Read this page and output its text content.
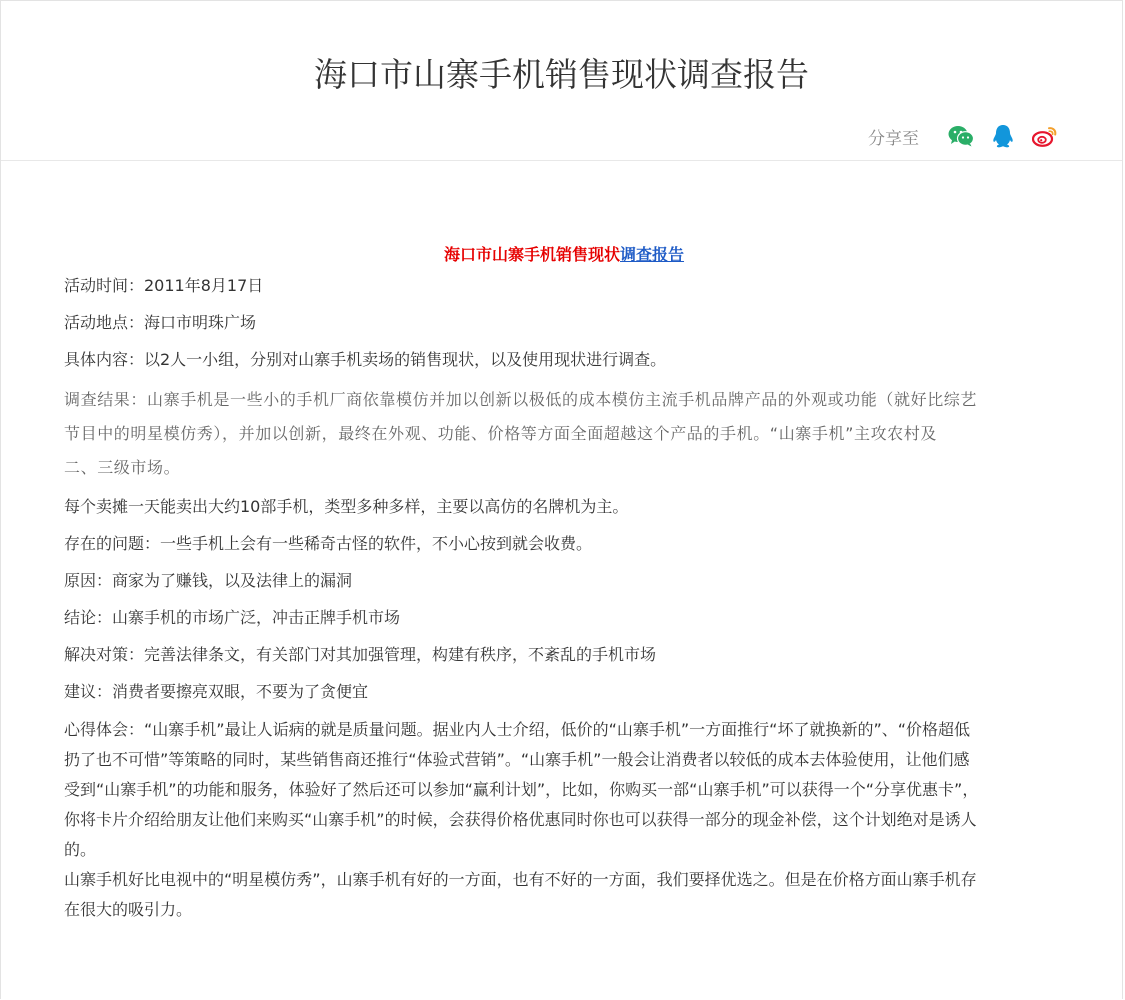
海口市山寨手机销售现状调查报告
分享至

海口市山寨手机销售现状调查报告

活动时间：2011年8月17日

活动地点：海口市明珠广场

具体内容：以2人一小组，分别对山寨手机卖场的销售现状，以及使用现状进行调查。

调查结果：山寨手机是一些小的手机厂商依靠模仿并加以创新以极低的成本模仿主流手机品牌产品的外观或功能（就好比综艺
节目中的明星模仿秀），并加以创新，最终在外观、功能、价格等方面全面超越这个产品的手机。“山寨手机”主攻农村及
二、三级市场。

每个卖摊一天能卖出大约10部手机，类型多种多样，主要以高仿的名牌机为主。

存在的问题：一些手机上会有一些稀奇古怪的软件，不小心按到就会收费。

原因：商家为了赚钱，以及法律上的漏洞

结论：山寨手机的市场广泛，冲击正牌手机市场

解决对策：完善法律条文，有关部门对其加强管理，构建有秩序，不紊乱的手机市场

建议：消费者要擦亮双眼，不要为了贪便宜

心得体会：“山寨手机”最让人诟病的就是质量问题。据业内人士介绍，低价的“山寨手机”一方面推行“坏了就换新的”、“价格超低
扔了也不可惜”等策略的同时，某些销售商还推行“体验式营销”。“山寨手机”一般会让消费者以较低的成本去体验使用，让他们感
受到“山寨手机”的功能和服务，体验好了然后还可以参加“赢利计划”，比如，你购买一部“山寨手机”可以获得一个“分享优惠卡”，
你将卡片介绍给朋友让他们来购买“山寨手机”的时候，会获得价格优惠同时你也可以获得一部分的现金补偿，这个计划绝对是诱人
的。

山寨手机好比电视中的“明星模仿秀”，山寨手机有好的一方面，也有不好的一方面，我们要择优选之。但是在价格方面山寨手机存
在很大的吸引力。
